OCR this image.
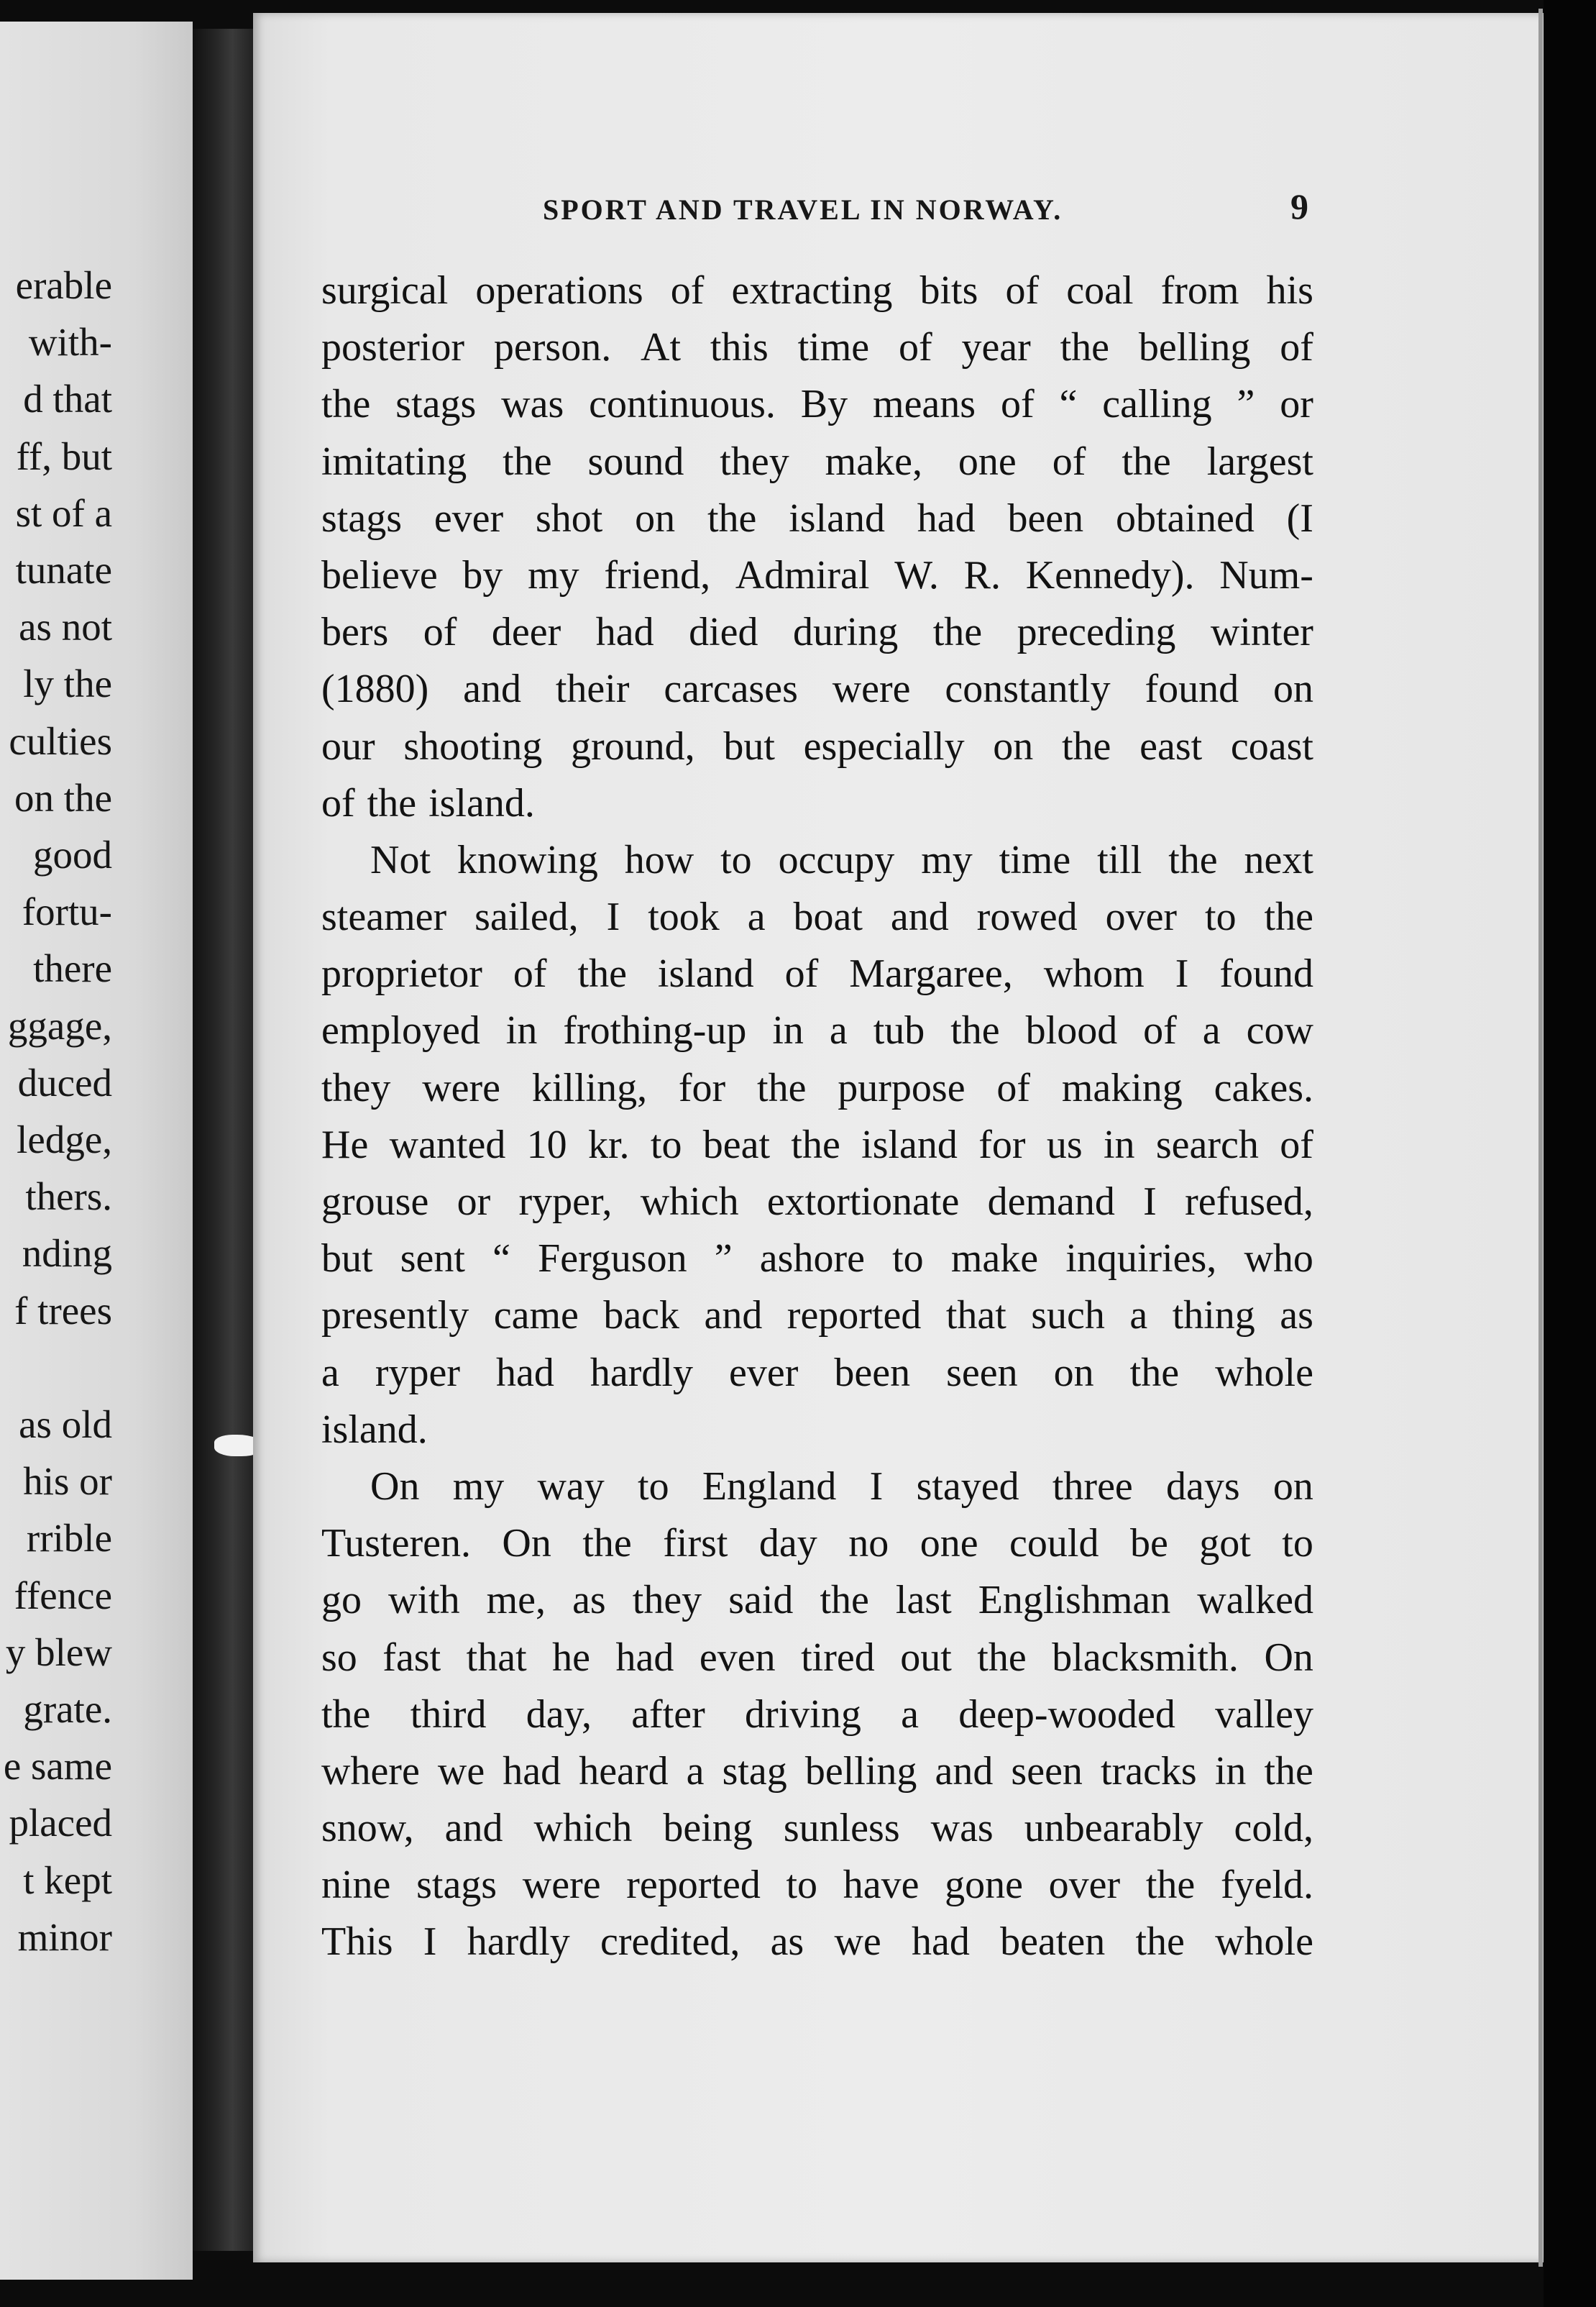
erable
with-
d that
ff, but
st of a
tunate
as not
ly the
culties
on the
good
fortu-
there
ggage,
duced
ledge,
thers.
nding
f trees
as old
his or
rrible
ffence
y blew
grate.
e same
placed
t kept
minor
SPORT AND TRAVEL IN NORWAY.	9
surgical operations of extracting bits of coal from his
posterior person. At this time of year the belling of
the stags was continuous. By means of “ calling ” or
imitating the sound they make, one of the largest
stags ever shot on the island had been obtained (I
believe by my friend, Admiral W. R. Kennedy). Num-
bers of deer had died during the preceding winter
(1880) and their carcases were constantly found on
our shooting ground, but especially on the east coast
of the island.
Not knowing how to occupy my time till the next
steamer sailed, I took a boat and rowed over to the
proprietor of the island of Margaree, whom I found
employed in frothing-up in a tub the blood of a cow
they were killing, for the purpose of making cakes.
He wanted 10 kr. to beat the island for us in search of
grouse or ryper, which extortionate demand I refused,
but sent “ Ferguson ” ashore to make inquiries, who
presently came back and reported that such a thing as
a ryper had hardly ever been seen on the whole
island.
On my way to England I stayed three days on
Tusteren. On the first day no one could be got to
go with me, as they said the last Englishman walked
so fast that he had even tired out the blacksmith. On
the third day, after driving a deep-wooded valley
where we had heard a stag belling and seen tracks in the
snow, and which being sunless was unbearably cold,
nine stags were reported to have gone over the fyeld.
This I hardly credited, as we had beaten the whole
